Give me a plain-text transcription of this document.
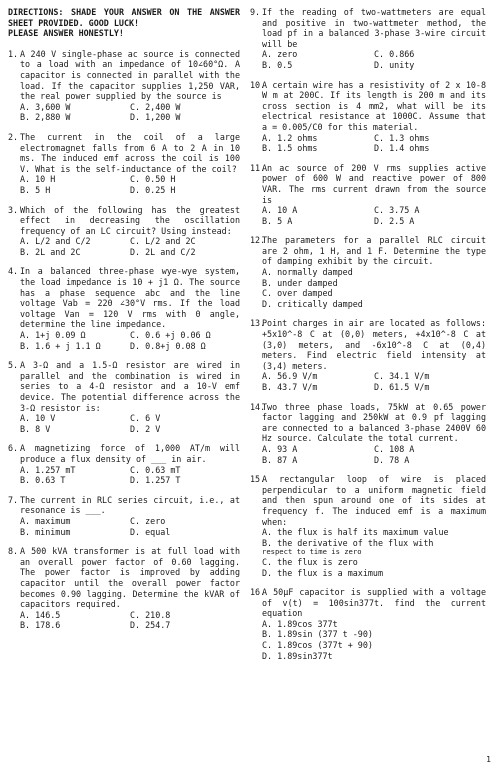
DIRECTIONS: SHADE YOUR ANSWER ON THE ANSWER SHEET PROVIDED. GOOD LUCK!
PLEASE ANSWER HONESTLY!
1. A 240 V single-phase ac source is connected to a load with an impedance of 10∠60°Ω. A capacitor is connected in parallel with the load. If the capacitor supplies 1,250 VAR, the real power supplied by the source is
A. 3,600 W	C. 2,400 W
B. 2,880 W	D. 1,200 W
2. The current in the coil of a large electromagnet falls from 6 A to 2 A in 10 ms. The induced emf across the coil is 100 V. What is the self-inductance of the coil?
A. 10 H	C. 0.50 H
B. 5 H	D. 0.25 H
3. Which of the following has the greatest effect in decreasing the oscillation frequency of an LC circuit? Using instead:
A. L/2 and C/2	C. L/2 and 2C
B. 2L and 2C	D. 2L and C/2
4. In a balanced three-phase wye-wye system, the load impedance is 10 + j1 Ω. The source has a phase sequence abc and the line voltage Vab = 220 ∠30°V rms. If the load voltage Van = 120 V rms with 0 angle, determine the line impedance.
A. 1+j 0.09 Ω	C. 0.6 +j 0.06 Ω
B. 1.6 + j 1.1 Ω	D. 0.8+j 0.08 Ω
5. A 3-Ω and a 1.5-Ω resistor are wired in parallel and the combination is wired in series to a 4-Ω resistor and a 10-V emf device. The potential difference across the 3-Ω resistor is:
A. 10 V	C. 6 V
B. 8 V	D. 2 V
6. A magnetizing force of 1,000 AT/m will produce a flux density of ___ in air.
A. 1.257 mT	C. 0.63 mT
B. 0.63 T	D. 1.257 T
7. The current in RLC series circuit, i.e., at resonance is ___.
A. maximum	C. zero
B. minimum	D. equal
8. A 500 kVA transformer is at full load with an overall power factor of 0.60 lagging. The power factor is improved by adding capacitor until the overall power factor becomes 0.90 lagging. Determine the kVAR of capacitors required.
A. 146.5	C. 210.8
B. 178.6	D. 254.7
9. If the reading of two-wattmeters are equal and positive in two-wattmeter method, the load pf in a balanced 3-phase 3-wire circuit will be
A. zero	C. 0.866
B. 0.5	D. unity
10.
A certain wire has a resistivity of 2 x 10-8 W m at 200C. If its length is 200 m and its cross section is 4 mm2, what will be its electrical resistance at 1000C. Assume that a = 0.005/C0 for this material.
A. 1.2 ohms	C. 1.3 ohms
B. 1.5 ohms	D. 1.4 ohms
11.
An ac source of 200 V rms supplies active power of 600 W and reactive power of 800 VAR. The rms current drawn from the source is
A. 10 A	C. 3.75 A
B. 5 A	D. 2.5 A
12.
The parameters for a parallel RLC circuit are 2 ohm, 1 H, and 1 F. Determine the type of damping exhibit by the circuit.
A. normally damped
B. under damped
C. over damped
D. critically damped
13.
Point charges in air are located as follows: +5x10^-8 C at (0,0) meters, +4x10^-8 C at (3,0) meters, and -6x10^-8 C at (0,4) meters. Find electric field intensity at (3,4) meters.
A. 56.9 V/m	C. 34.1 V/m
B. 43.7 V/m	D. 61.5 V/m
14.
Two three phase loads, 75kW at 0.65 power factor lagging and 250kW at 0.9 pf lagging are connected to a balanced 3-phase 2400V 60 Hz source. Calculate the total current.
A. 93 A	C. 108 A
B. 87 A	D. 78 A
15.
A rectangular loop of wire is placed perpendicular to a uniform magnetic field and then spun around one of its sides at frequency f. The induced emf is a maximum when:
A. the flux is half its maximum value
B. the derivative of the flux with
respect to time is zero
C. the flux is zero
D. the flux is a maximum
16.
A 50µF capacitor is supplied with a voltage of v(t) = 100sin377t. find the current equation
A. 1.89cos 377t
B. 1.89sin (377 t -90)
C. 1.89cos (377t + 90)
D. 1.89sin377t
1
